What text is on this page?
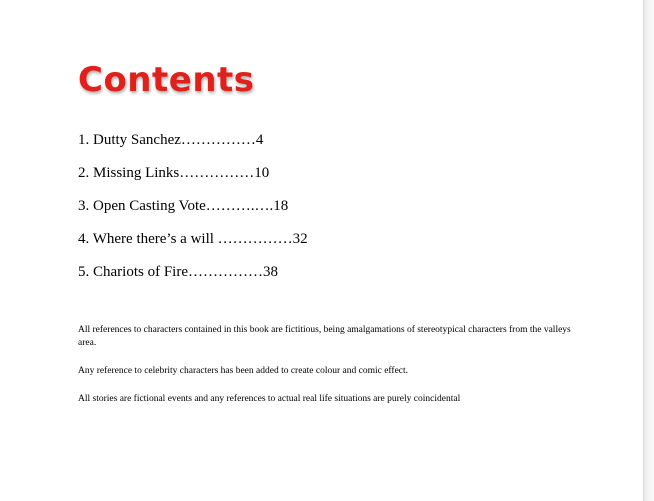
Contents
1. Dutty Sanchez……………4
2. Missing Links……………10
3. Open Casting Vote……….….18
4. Where there’s a will ……………32
5. Chariots of Fire……………38

All references to characters contained in this book are fictitious, being amalgamations of stereotypical characters from the valleys area.

Any reference to celebrity characters has been added to create colour and comic effect.

All stories are fictional events and any references to actual real life situations are purely coincidental
